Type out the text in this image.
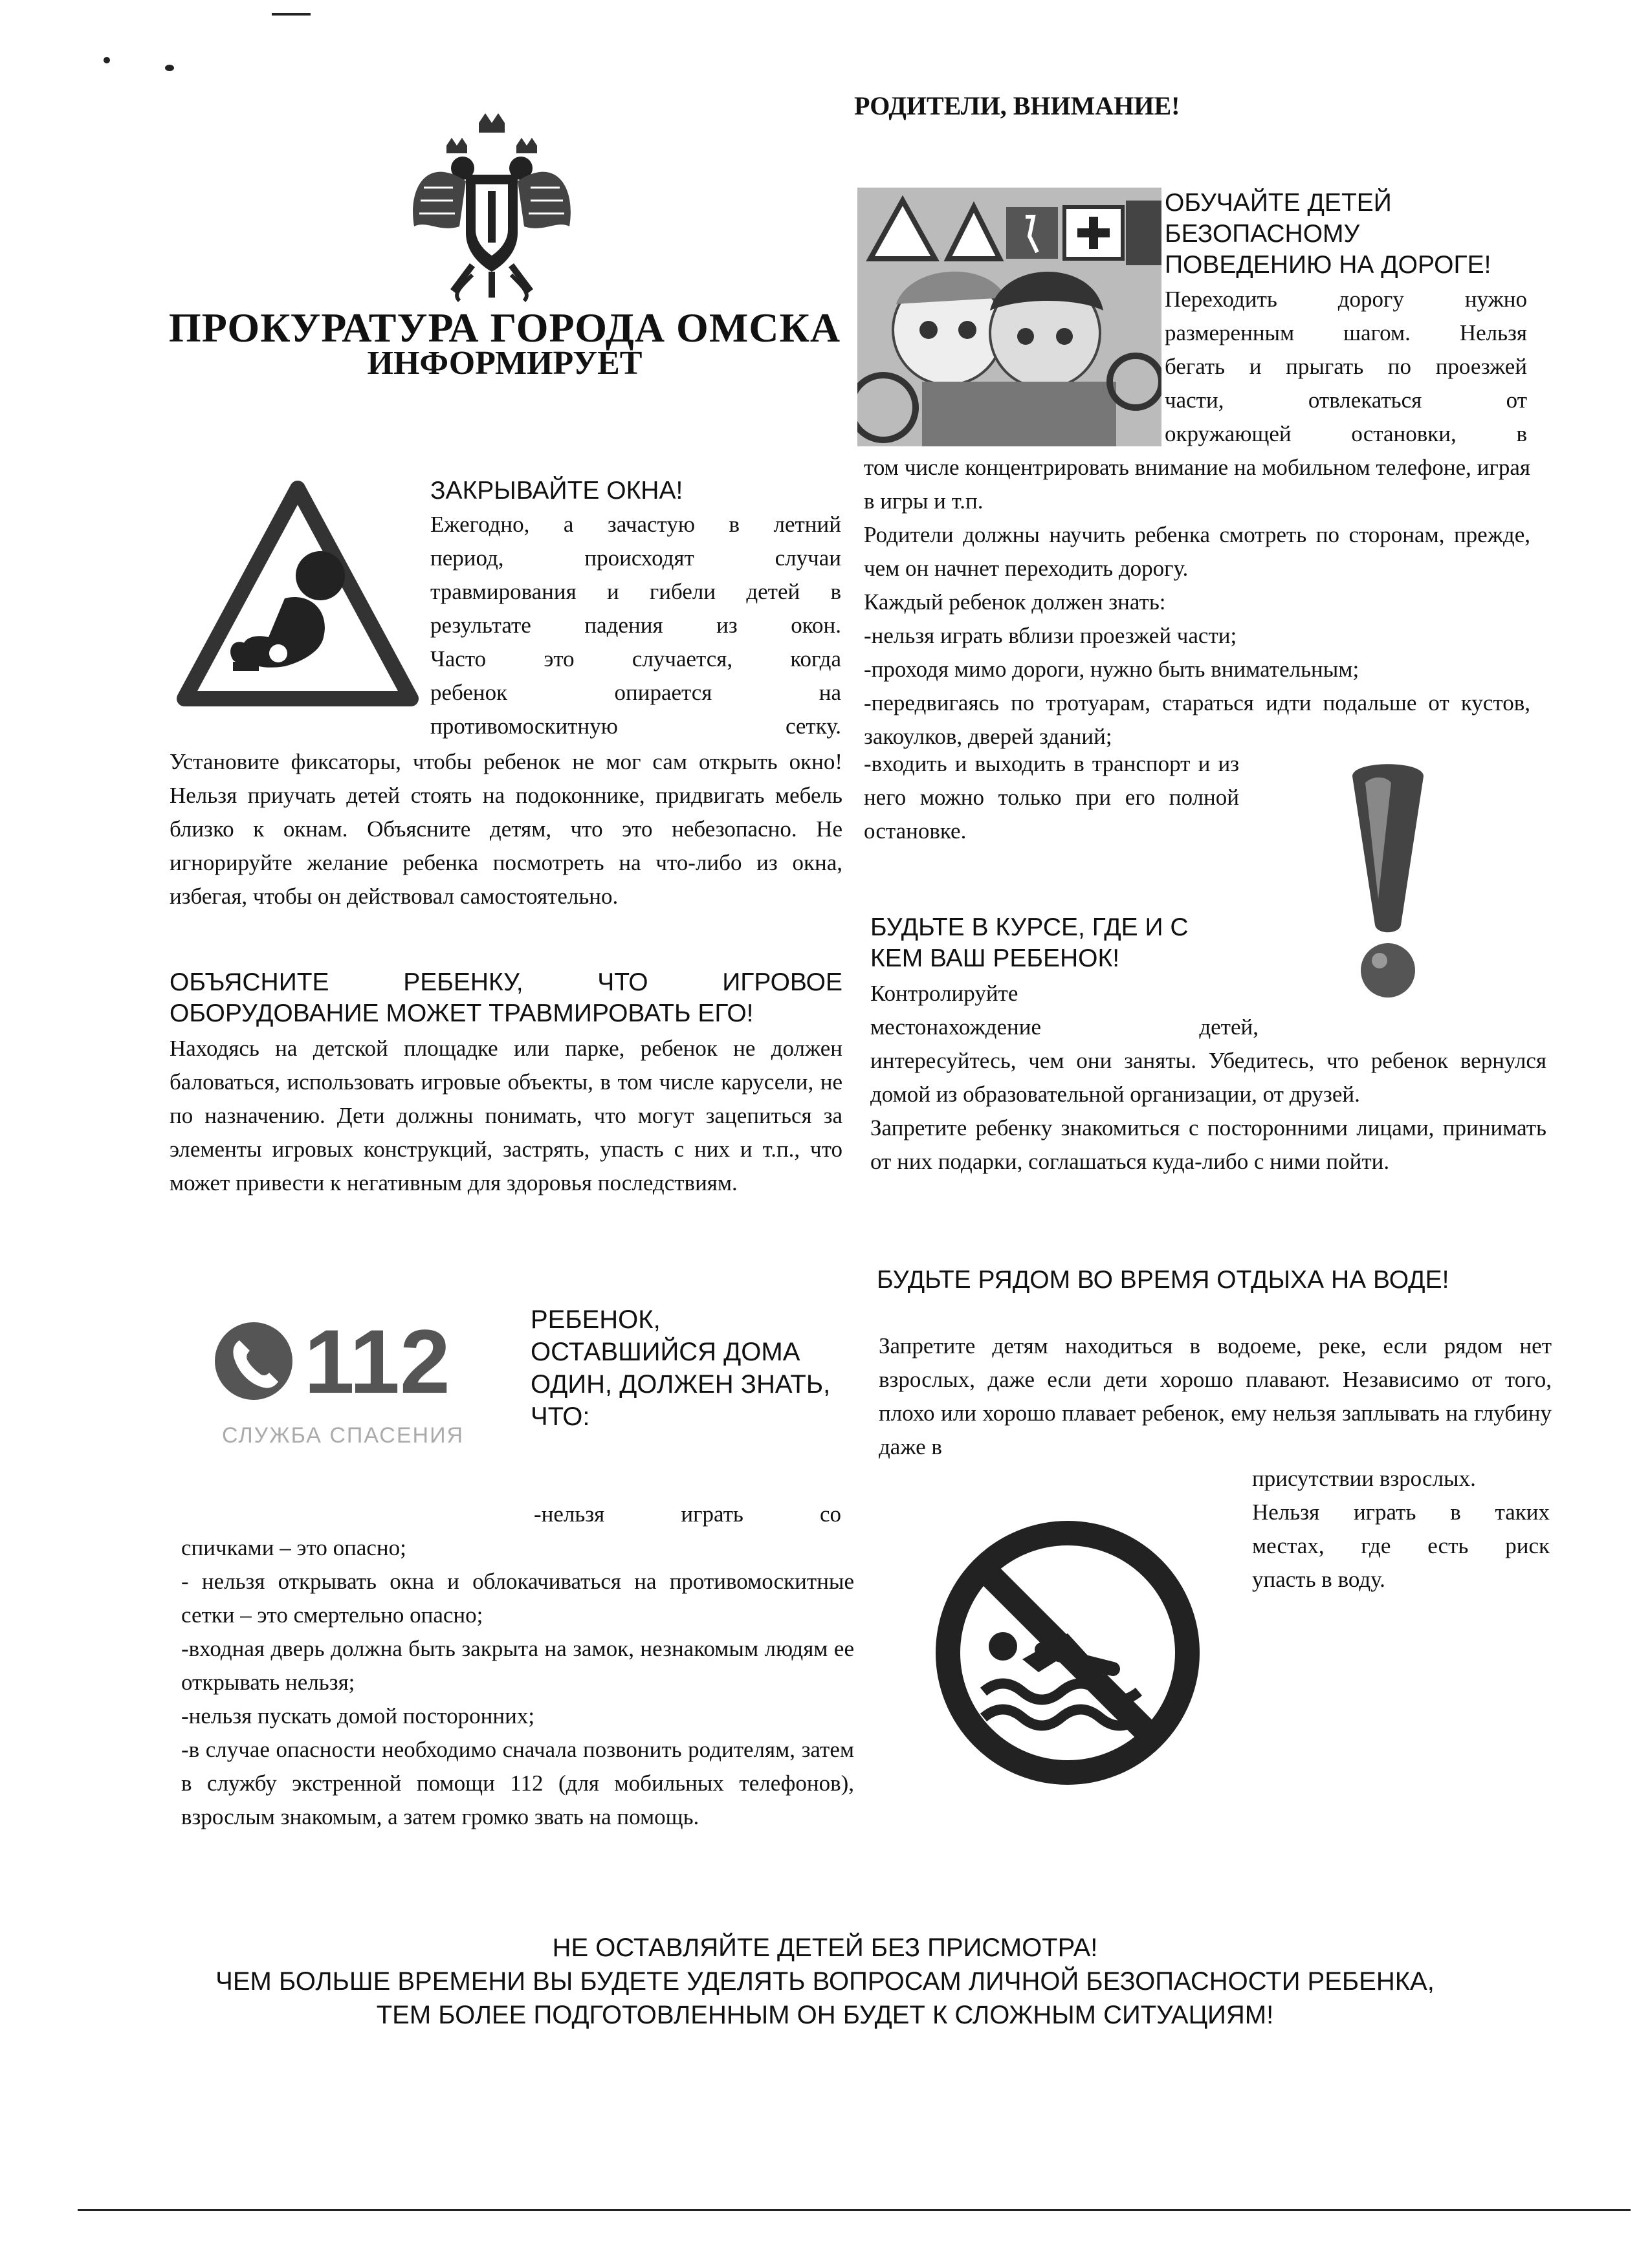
ПРОКУРАТУРА ГОРОДА ОМСКА
ИНФОРМИРУЕТ
ЗАКРЫВАЙТЕ ОКНА!

Ежегодно, а зачастую в летний

период, происходят случаи

травмирования и гибели детей в

результате падения из окон.

Часто это случается, когда

ребенок опирается на

противомоскитную сетку.

Установите фиксаторы, чтобы ребенок не мог сам открыть окно! Нельзя приучать детей стоять на подоконнике, придвигать мебель близко к окнам. Объясните детям, что это небезопасно. Не игнорируйте желание ребенка посмотреть на что-либо из окна, избегая, чтобы он действовал самостоятельно.
ОБЪЯСНИТЕ РЕБЕНКУ, ЧТО ИГРОВОЕ ОБОРУДОВАНИЕ МОЖЕТ ТРАВМИРОВАТЬ ЕГО!
Находясь на детской площадке или парке, ребенок не должен баловаться, использовать игровые объекты, в том числе карусели, не по назначению. Дети должны понимать, что могут зацепиться за элементы игровых конструкций, застрять, упасть с них и т.п., что может привести к негативным для здоровья последствиям.
112
СЛУЖБА СПАСЕНИЯ
РЕБЕНОК, ОСТАВШИЙСЯ ДОМА ОДИН, ДОЛЖЕН ЗНАТЬ, ЧТО:
-нельзя играть со

спичками – это опасно;

- нельзя открывать окна и облокачиваться на противомоскитные сетки – это смертельно опасно;

-входная дверь должна быть закрыта на замок, незнакомым людям ее открывать нельзя;

-нельзя пускать домой посторонних;

-в случае опасности необходимо сначала позвонить родителям, затем в службу экстренной помощи 112 (для мобильных телефонов), взрослым знакомым, а затем громко звать на помощь.

РОДИТЕЛИ, ВНИМАНИЕ!
ОБУЧАЙТЕ ДЕТЕЙ БЕЗОПАСНОМУ ПОВЕДЕНИЮ НА ДОРОГЕ!

Переходить дорогу нужно

размеренным шагом. Нельзя

бегать и прыгать по проезжей

части, отвлекаться от

окружающей остановки, в

том числе концентрировать внимание на мобильном телефоне, играя в игры и т.п.

Родители должны научить ребенка смотреть по сторонам, прежде, чем он начнет переходить дорогу.

Каждый ребенок должен знать:

-нельзя играть вблизи проезжей части;

-проходя мимо дороги, нужно быть внимательным;

-передвигаясь по тротуарам, стараться идти подальше от кустов, закоулков, дверей зданий;

-входить и выходить в транспорт и из него можно только при его полной остановке.
БУДЬТЕ В КУРСЕ, ГДЕ И С КЕМ ВАШ РЕБЕНОК!

Контролируйте

местонахождение детей,

интересуйтесь, чем они заняты. Убедитесь, что ребенок вернулся домой из образовательной организации, от друзей.

Запретите ребенку знакомиться с посторонними лицами, принимать от них подарки, соглашаться куда-либо с ними пойти.

БУДЬТЕ РЯДОМ ВО ВРЕМЯ ОТДЫХА НА ВОДЕ!
Запретите детям находиться в водоеме, реке, если рядом нет взрослых, даже если дети хорошо плавают. Независимо от того, плохо или хорошо плавает ребенок, ему нельзя заплывать на глубину даже в

присутствии взрослых.

Нельзя играть в таких

местах, где есть риск

упасть в воду.

НЕ ОСТАВЛЯЙТЕ ДЕТЕЙ БЕЗ ПРИСМОТРА!
ЧЕМ БОЛЬШЕ ВРЕМЕНИ ВЫ БУДЕТЕ УДЕЛЯТЬ ВОПРОСАМ ЛИЧНОЙ БЕЗОПАСНОСТИ РЕБЕНКА,
ТЕМ БОЛЕЕ ПОДГОТОВЛЕННЫМ ОН БУДЕТ К СЛОЖНЫМ СИТУАЦИЯМ!
